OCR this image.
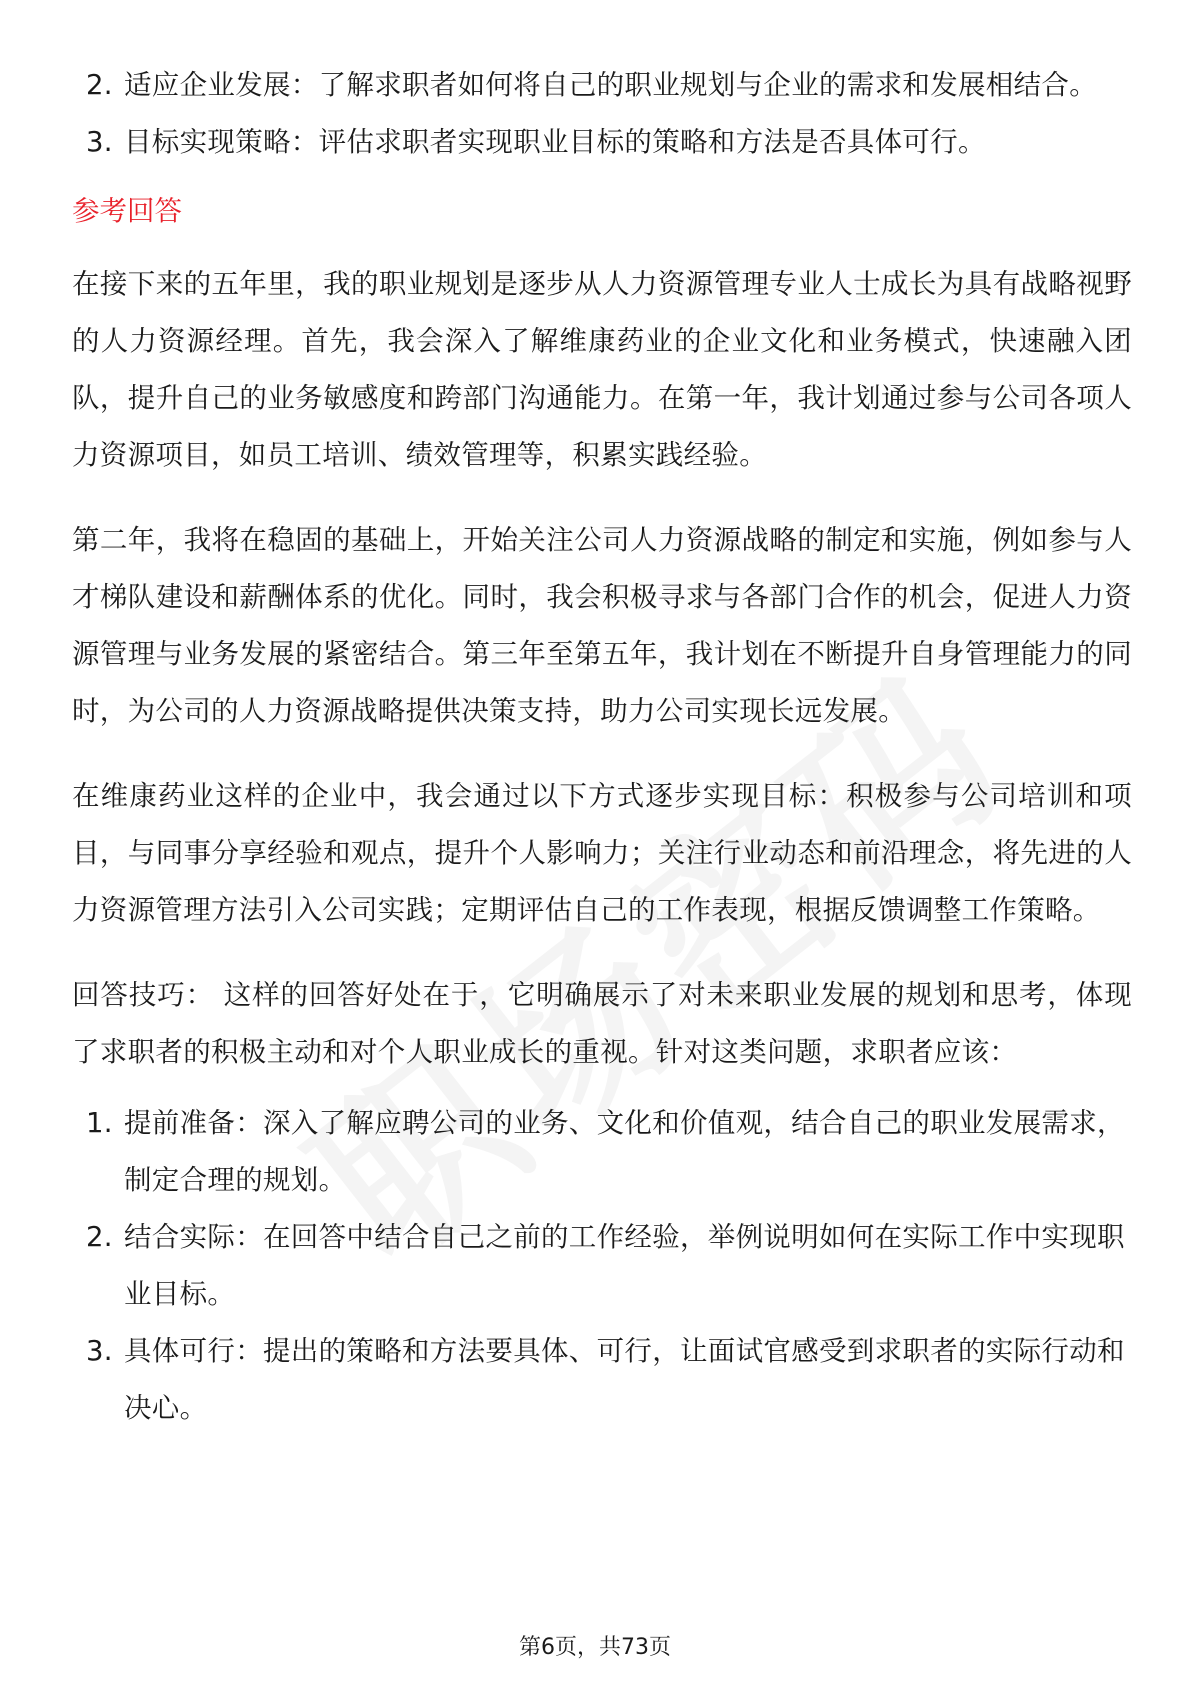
2. 适应企业发展：了解求职者如何将自己的职业规划与企业的需求和发展相结合。
3. 目标实现策略：评估求职者实现职业目标的策略和方法是否具体可行。
参考回答

在接下来的五年里，我的职业规划是逐步从人力资源管理专业人士成长为具有战略视野的人力资源经理。首先，我会深入了解维康药业的企业文化和业务模式，快速融入团队，提升自己的业务敏感度和跨部门沟通能力。在第一年，我计划通过参与公司各项人力资源项目，如员工培训、绩效管理等，积累实践经验。

第二年，我将在稳固的基础上，开始关注公司人力资源战略的制定和实施，例如参与人才梯队建设和薪酬体系的优化。同时，我会积极寻求与各部门合作的机会，促进人力资源管理与业务发展的紧密结合。第三年至第五年，我计划在不断提升自身管理能力的同时，为公司的人力资源战略提供决策支持，助力公司实现长远发展。

在维康药业这样的企业中，我会通过以下方式逐步实现目标：积极参与公司培训和项目，与同事分享经验和观点，提升个人影响力；关注行业动态和前沿理念，将先进的人力资源管理方法引入公司实践；定期评估自己的工作表现，根据反馈调整工作策略。

回答技巧： 这样的回答好处在于，它明确展示了对未来职业发展的规划和思考，体现了求职者的积极主动和对个人职业成长的重视。针对这类问题，求职者应该：

1. 提前准备：深入了解应聘公司的业务、文化和价值观，结合自己的职业发展需求，制定合理的规划。
2. 结合实际：在回答中结合自己之前的工作经验，举例说明如何在实际工作中实现职业目标。
3. 具体可行：提出的策略和方法要具体、可行，让面试官感受到求职者的实际行动和决心。
第6页，共73页
